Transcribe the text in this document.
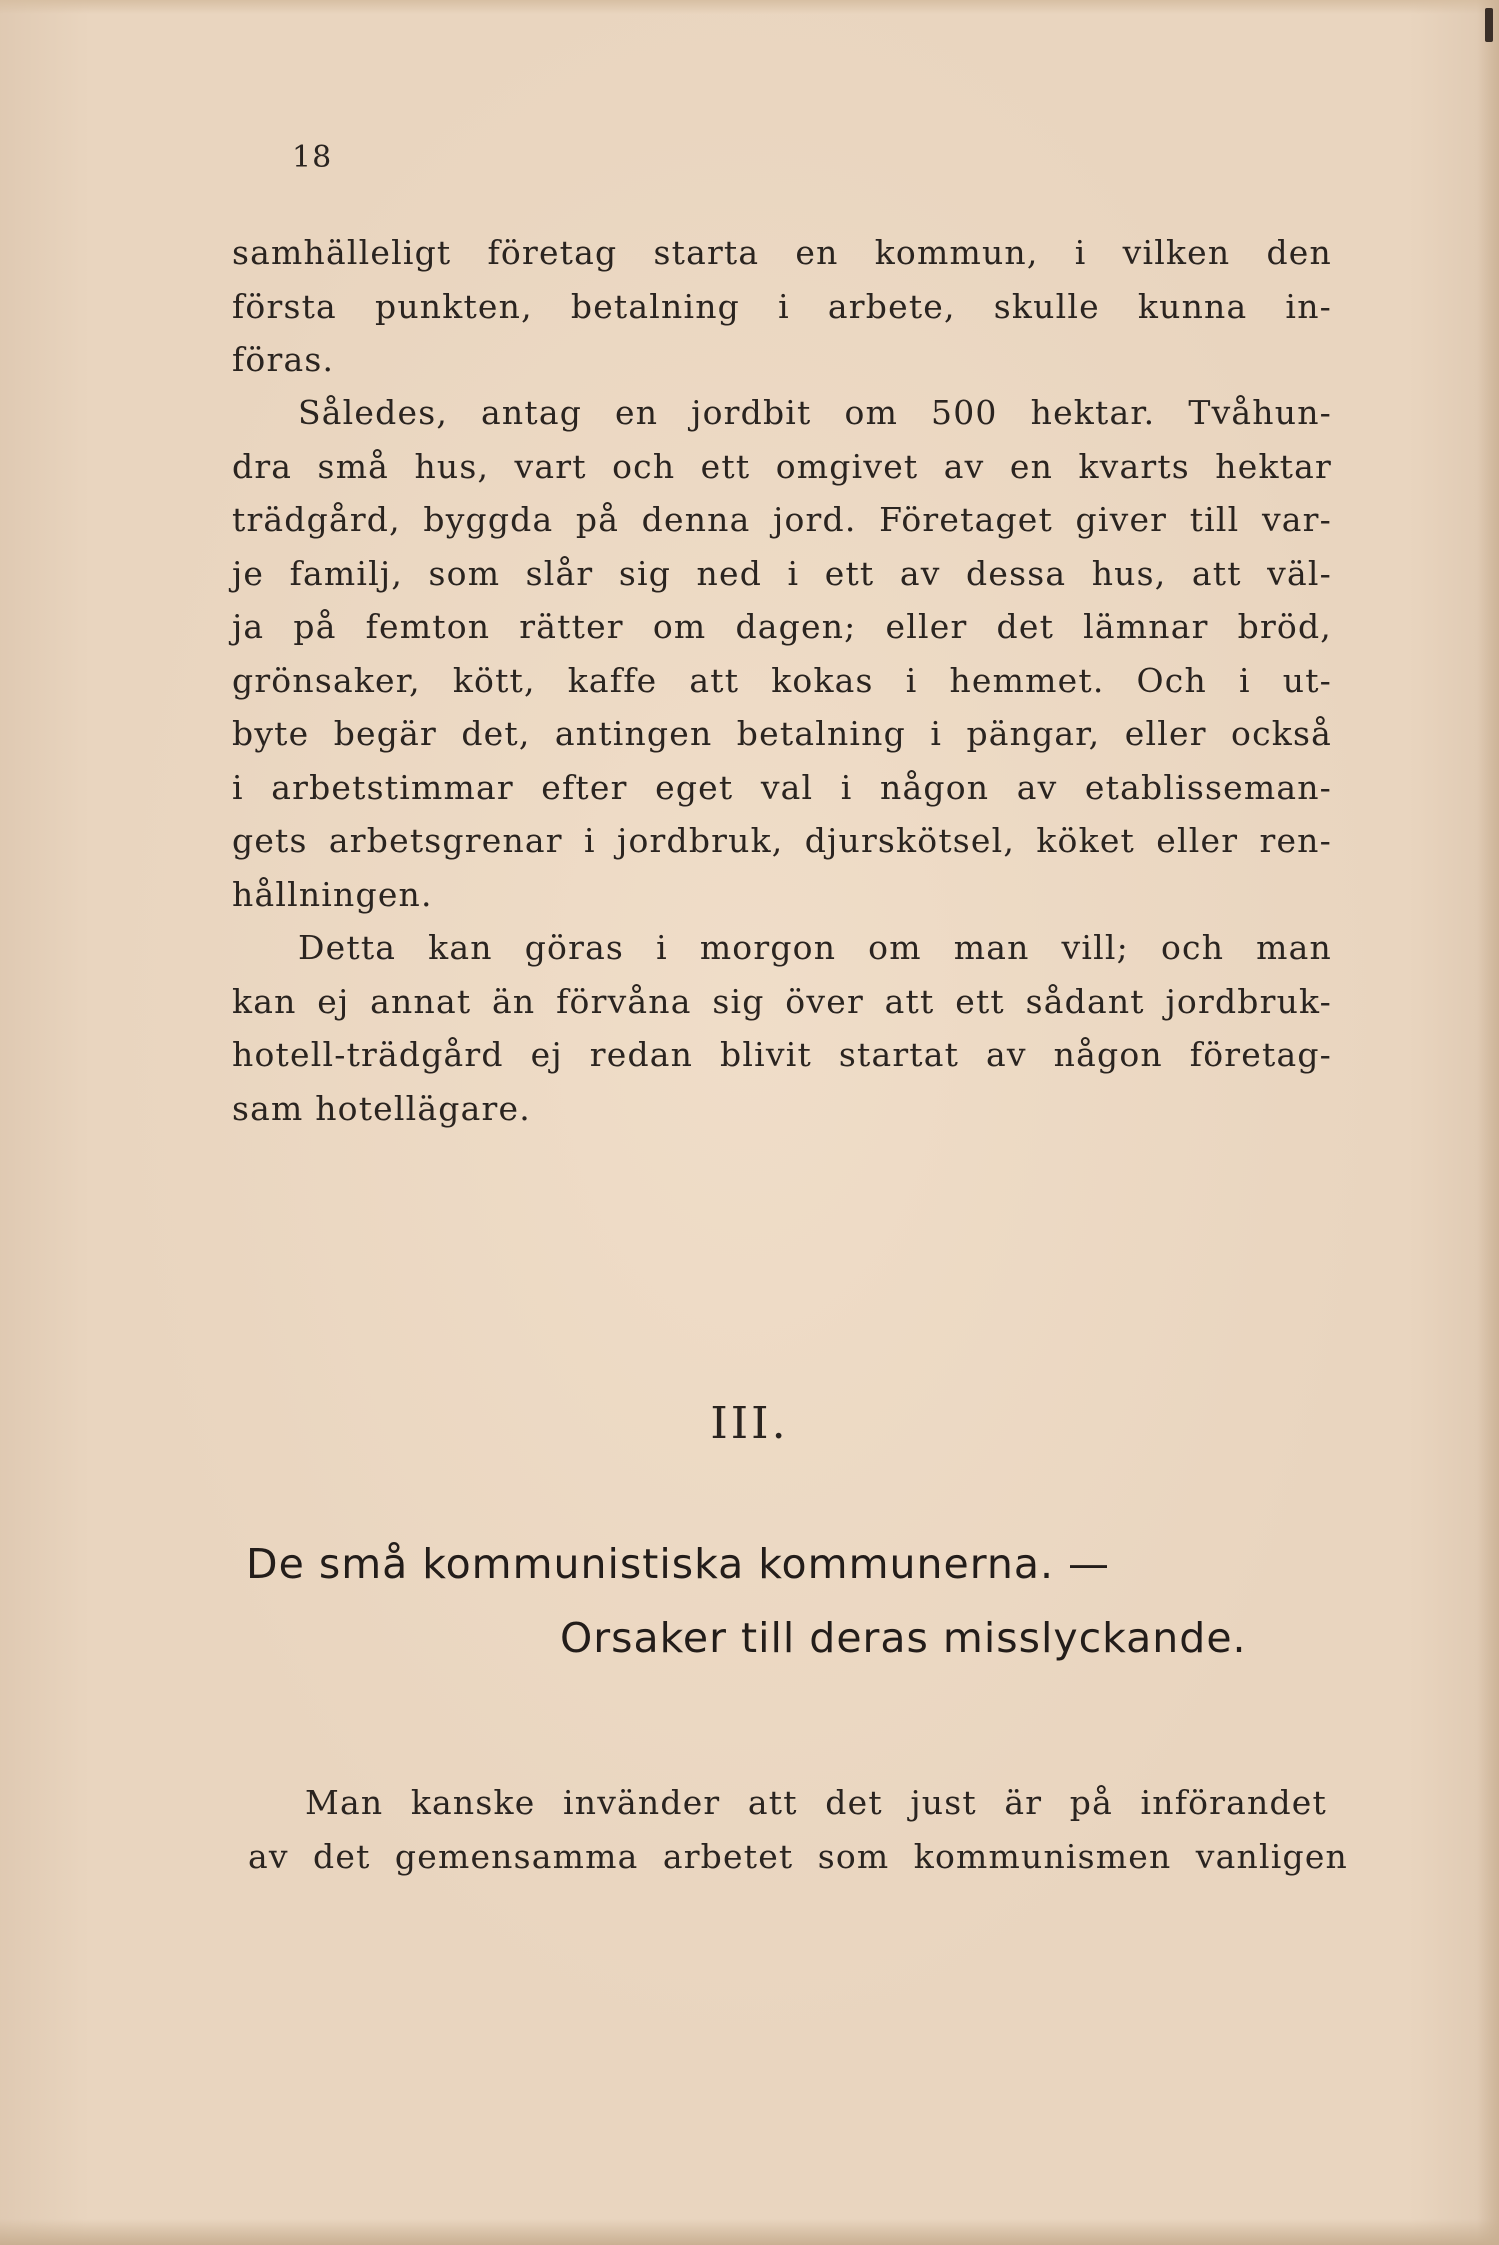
18
samhälleligt företag starta en kommun, i vilken den
första punkten, betalning i arbete, skulle kunna in-
föras.
Således, antag en jordbit om 500 hektar. Tvåhun-
dra små hus, vart och ett omgivet av en kvarts hektar
trädgård, byggda på denna jord. Företaget giver till var-
je familj, som slår sig ned i ett av dessa hus, att väl-
ja på femton rätter om dagen; eller det lämnar bröd,
grönsaker, kött, kaffe att kokas i hemmet. Och i ut-
byte begär det, antingen betalning i pängar, eller också
i arbetstimmar efter eget val i någon av etablisseman-
gets arbetsgrenar i jordbruk, djurskötsel, köket eller ren-
hållningen.
Detta kan göras i morgon om man vill; och man
kan ej annat än förvåna sig över att ett sådant jordbruk-
hotell-trädgård ej redan blivit startat av någon företag-
sam hotellägare.
III.
De små kommunistiska kommunerna. —
Orsaker till deras misslyckande.
Man kanske invänder att det just är på införandet
av det gemensamma arbetet som kommunismen vanligen
